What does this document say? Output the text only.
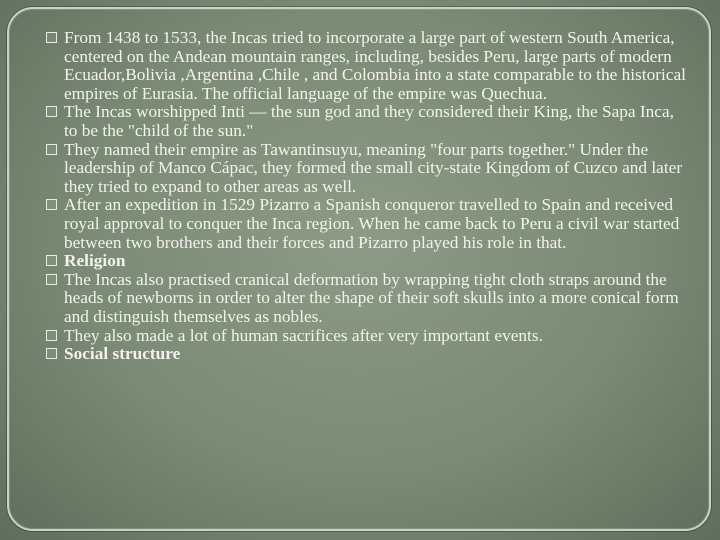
From 1438 to 1533, the Incas tried to incorporate a large part of western South America, centered on the Andean mountain ranges, including, besides Peru, large parts of modern Ecuador,Bolivia ,Argentina ,Chile , and Colombia into a state comparable to the historical empires of Eurasia. The official language of the empire was Quechua.

The Incas worshipped Inti — the sun god and they considered their King, the Sapa Inca, to be the "child of the sun."

They named their empire as Tawantinsuyu, meaning "four parts together." Under the leadership of Manco Cápac, they formed the small city-state Kingdom of Cuzco and later they tried to expand to other areas as well.

After an expedition in 1529 Pizarro a Spanish conqueror travelled to Spain and received royal approval to conquer the Inca region. When he came back to Peru a civil war started between two brothers and their forces and Pizarro played his role in that.

Religion

The Incas also practised cranical deformation by wrapping tight cloth straps around the heads of newborns in order to alter the shape of their soft skulls into a more conical form and distinguish themselves as nobles.

They also made a lot of human sacrifices after very important events.

Social structure
